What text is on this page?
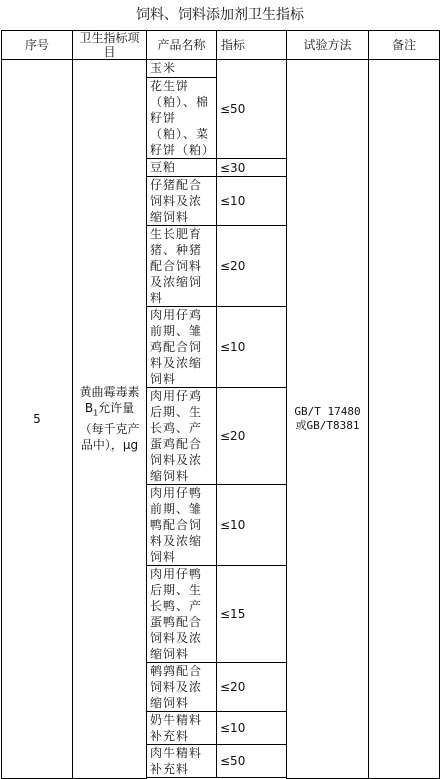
饲料、饲料添加剂卫生指标
序号	卫生指标项目	产品名称	指标	试验方法	备注
5	黄曲霉毒素$B_1$允许量（每千克产品中），μg	玉米	≤50	GB/T 17480或GB/T8381	
		花生饼（粕）、棉籽饼（粕）、菜籽饼（粕）			
		豆粕	≤30		
		仔猪配合饲料及浓缩饲料	≤10		
		生长肥育猪、种猪配合饲料及浓缩饲料	≤20		
		肉用仔鸡前期、雏鸡配合饲料及浓缩饲料	≤10		
		肉用仔鸡后期、生长鸡、产蛋鸡配合饲料及浓缩饲料	≤20		
		肉用仔鸭前期、雏鸭配合饲料及浓缩饲料	≤10		
		肉用仔鸭后期、生长鸭、产蛋鸭配合饲料及浓缩饲料	≤15		
		鹌鹑配合饲料及浓缩饲料	≤20		
		奶牛精料补充料	≤10		
		肉牛精料补充料	≤50		
